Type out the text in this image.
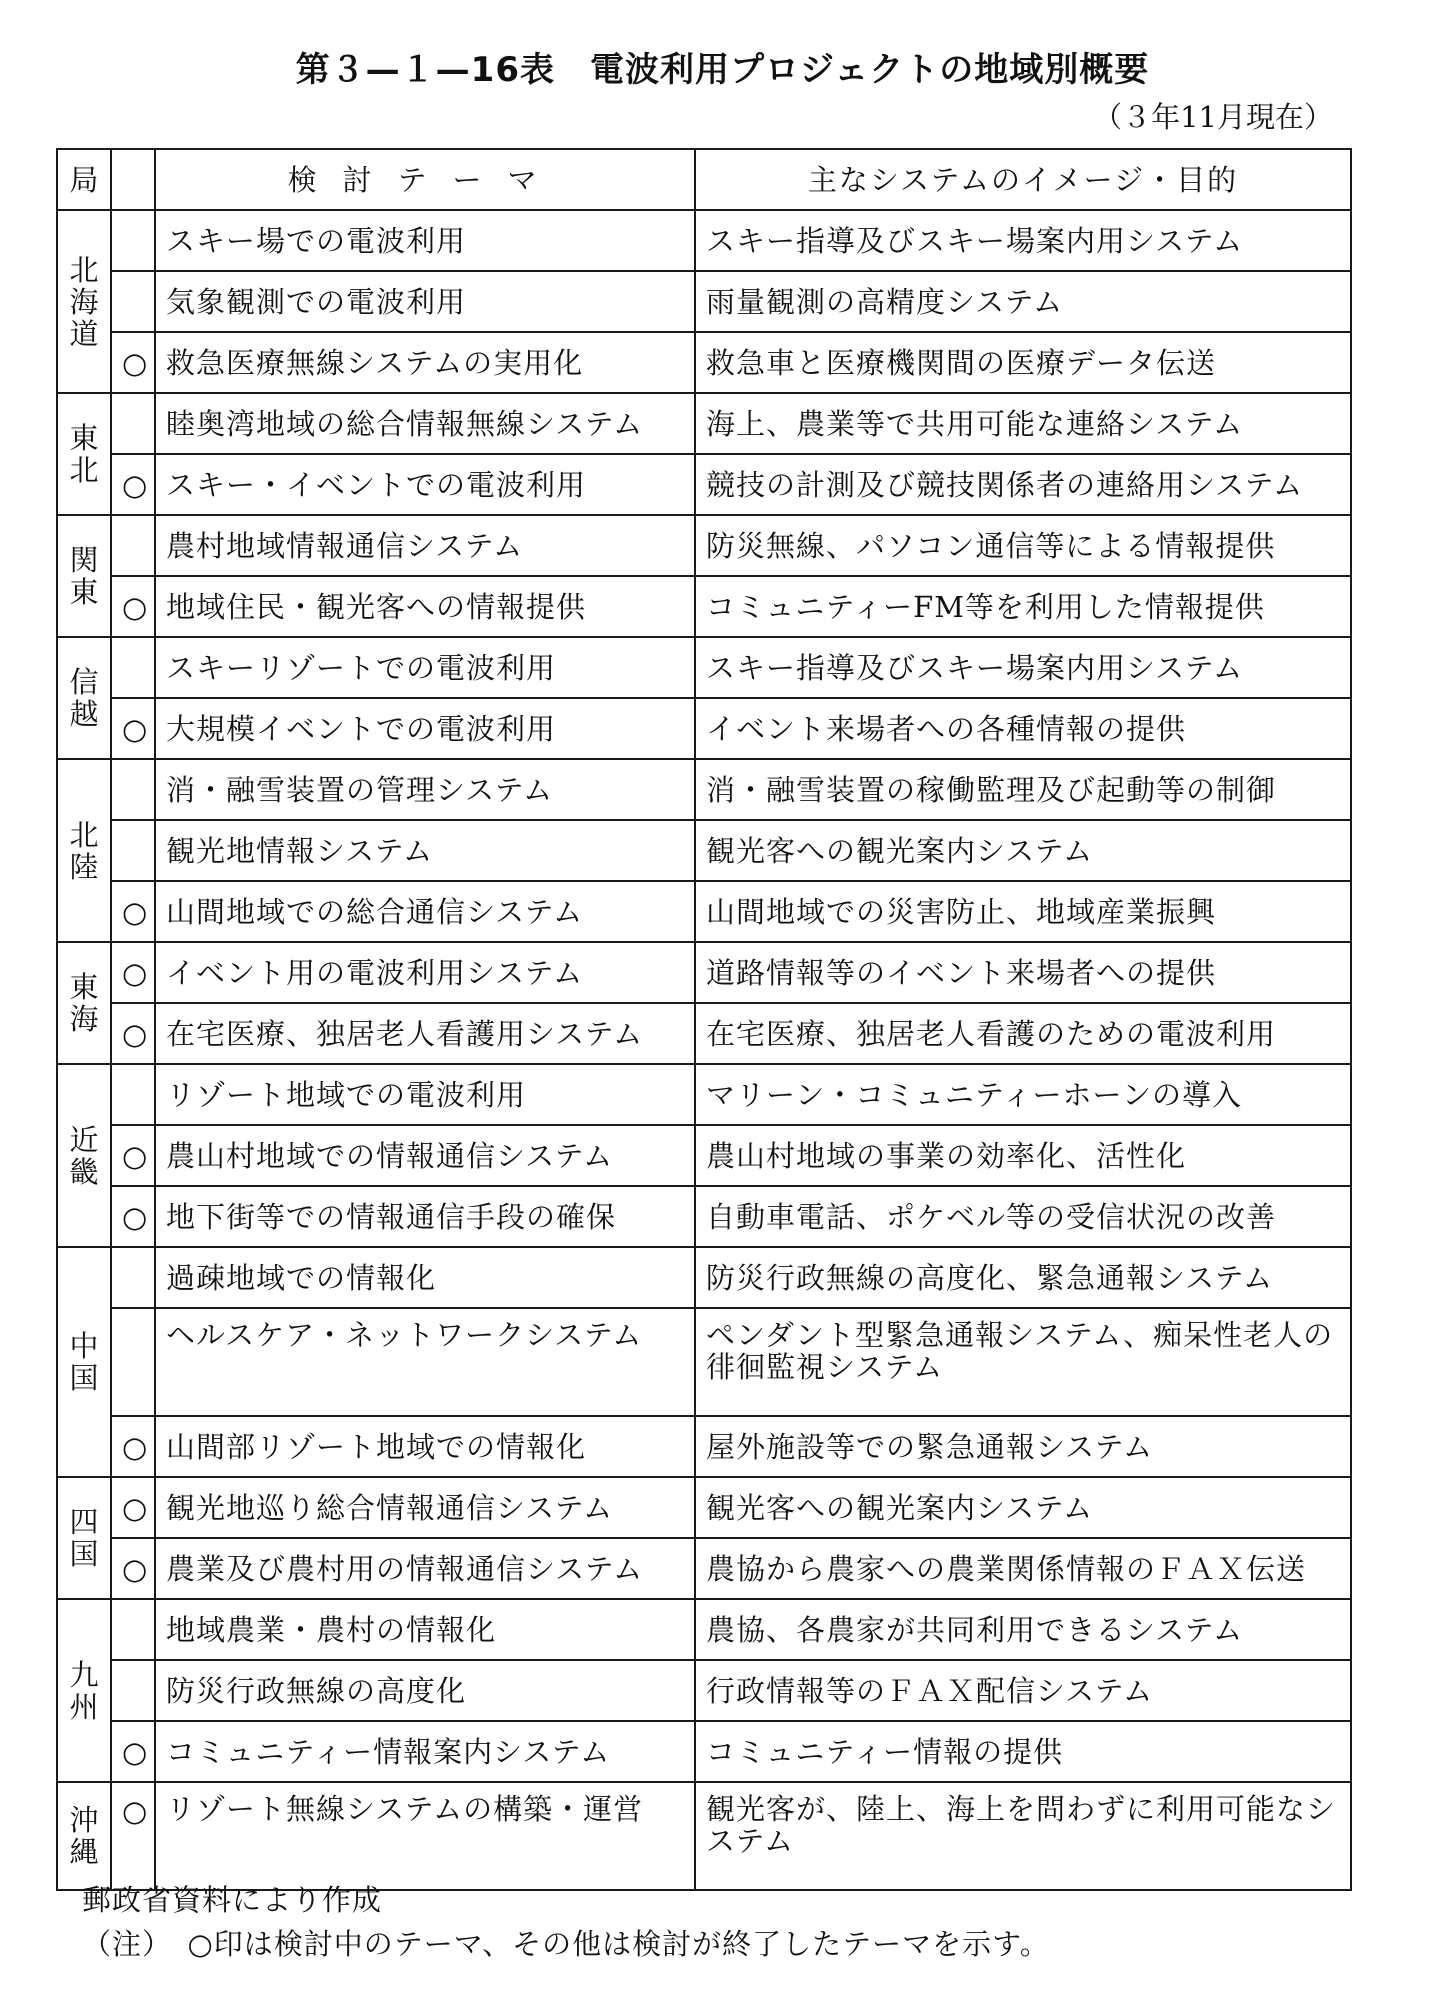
第３—１—16表　電波利用プロジェクトの地域別概要
（３年11月現在）
局		検討テーマ	主なシステムのイメージ・目的

北
海
道		スキー場での電波利用	スキー指導及びスキー場案内用システム
		気象観測での電波利用	雨量観測の高精度システム
	○	救急医療無線システムの実用化	救急車と医療機関間の医療データ伝送

東
北		睦奥湾地域の総合情報無線システム	海上、農業等で共用可能な連絡システム
	○	スキー・イベントでの電波利用	競技の計測及び競技関係者の連絡用システム

関
東		農村地域情報通信システム	防災無線、パソコン通信等による情報提供
	○	地域住民・観光客への情報提供	コミュニティーFM等を利用した情報提供

信
越		スキーリゾートでの電波利用	スキー指導及びスキー場案内用システム
	○	大規模イベントでの電波利用	イベント来場者への各種情報の提供

北
陸		消・融雪装置の管理システム	消・融雪装置の稼働監理及び起動等の制御
		観光地情報システム	観光客への観光案内システム
	○	山間地域での総合通信システム	山間地域での災害防止、地域産業振興

東
海	○	イベント用の電波利用システム	道路情報等のイベント来場者への提供
	○	在宅医療、独居老人看護用システム	在宅医療、独居老人看護のための電波利用

近
畿		リゾート地域での電波利用	マリーン・コミュニティーホーンの導入
	○	農山村地域での情報通信システム	農山村地域の事業の効率化、活性化
	○	地下街等での情報通信手段の確保	自動車電話、ポケベル等の受信状況の改善

中
国		過疎地域での情報化	防災行政無線の高度化、緊急通報システム
		ヘルスケア・ネットワークシステム	ペンダント型緊急通報システム、痴呆性老人の徘徊監視システム
	○	山間部リゾート地域での情報化	屋外施設等での緊急通報システム

四
国	○	観光地巡り総合情報通信システム	観光客への観光案内システム
	○	農業及び農村用の情報通信システム	農協から農家への農業関係情報のＦＡＸ伝送

九
州		地域農業・農村の情報化	農協、各農家が共同利用できるシステム
		防災行政無線の高度化	行政情報等のＦＡＸ配信システム
	○	コミュニティー情報案内システム	コミュニティー情報の提供

沖
縄	○	リゾート無線システムの構築・運営	観光客が、陸上、海上を問わずに利用可能なシステム
郵政省資料により作成
（注）　○印は検討中のテーマ、その他は検討が終了したテーマを示す。
